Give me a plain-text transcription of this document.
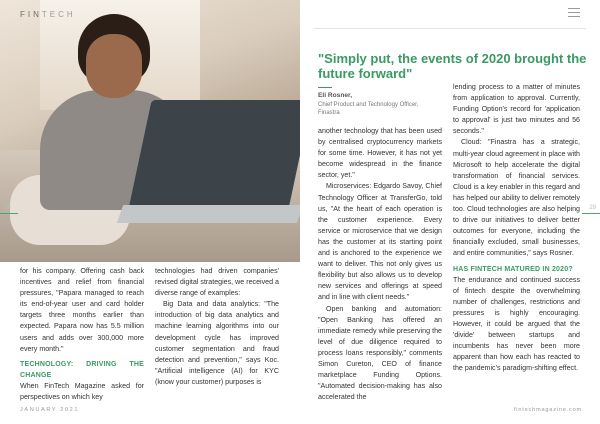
FINTECH
28

for his company. Offering cash back incentives and relief from financial pressures, "Papara managed to reach its end-of-year user and card holder targets three months earlier than expected. Papara now has 5.5 million users and adds over 300,000 more every month."

TECHNOLOGY: DRIVING THE CHANGE

When FinTech Magazine asked for perspectives on which key

technologies had driven companies' revised digital strategies, we received a diverse range of examples:

Big Data and data analytics: "The introduction of big data analytics and machine learning algorithms into our development cycle has improved customer segmentation and fraud detection and prevention," says Koc. "Artificial intelligence (AI) for KYC (know your customer) purposes is

JANUARY 2021
"Simply put, the events of 2020 brought the future forward"
Eli Rosner,
Chief Product and Technology Officer, Finastra

another technology that has been used by centralised cryptocurrency markets for some time. However, it has not yet become widespread in the finance sector, yet."

Microservices: Edgardo Savoy, Chief Technology Officer at TransferGo, told us, "At the heart of each operation is the customer experience. Every service or microservice that we design has the customer at its starting point and is anchored to the experience we want to deliver. This not only gives us flexibility but also allows us to develop new services and offerings at speed and in line with client needs."

Open banking and automation: "Open Banking has offered an immediate remedy while preserving the level of due diligence required to process loans responsibly," comments Simon Cureton, CEO of finance marketplace Funding Options. "Automated decision-making has also accelerated the

lending process to a matter of minutes from application to approval. Currently, Funding Option's record for 'application to approval' is just two minutes and 56 seconds."

Cloud: "Finastra has a strategic, multi-year cloud agreement in place with Microsoft to help accelerate the digital transformation of financial services. Cloud is a key enabler in this regard and has helped our ability to deliver remotely too. Cloud technologies are also helping to drive our initiatives to deliver better outcomes for everyone, including the financially excluded, small businesses, and entire communities," says Rosner.

HAS FINTECH MATURED IN 2020?

The endurance and continued success of fintech despite the overwhelming number of challenges, restrictions and pressures is highly encouraging. However, it could be argued that the 'divide' between startups and incumbents has never been more apparent than how each has reacted to the pandemic's paradigm-shifting effect.

29
fintechmagazine.com
